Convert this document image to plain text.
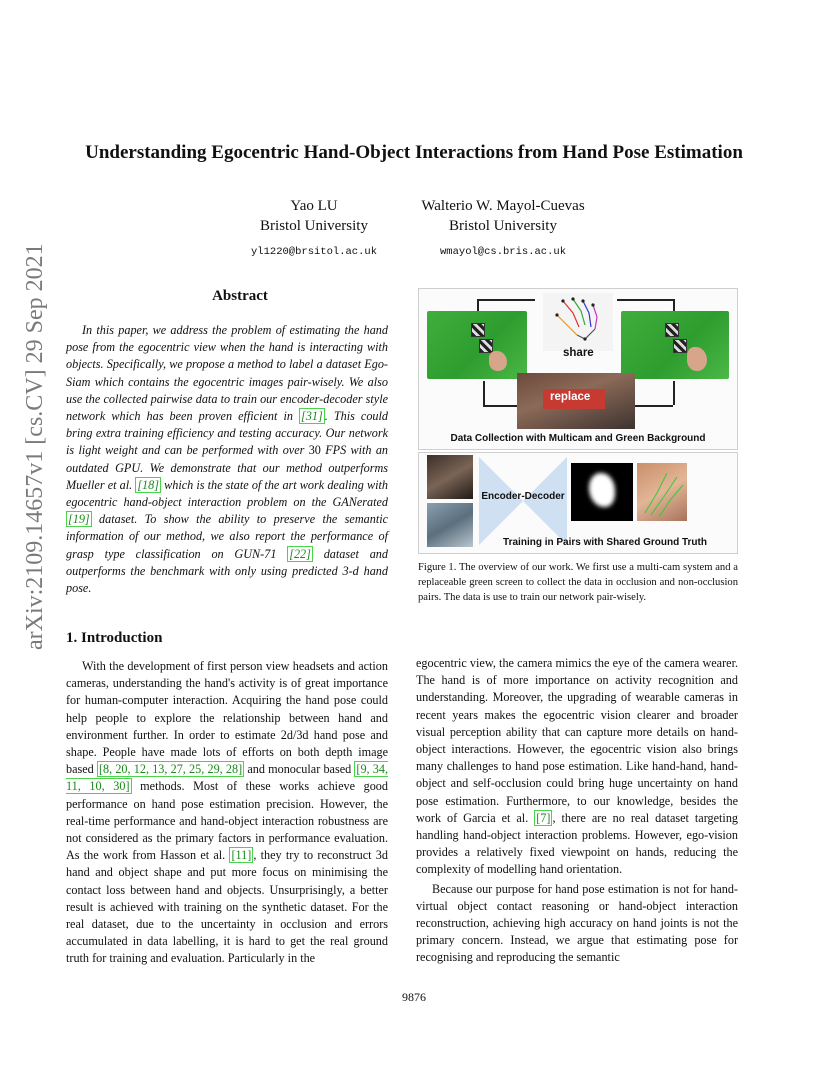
arXiv:2109.14657v1 [cs.CV] 29 Sep 2021
Understanding Egocentric Hand-Object Interactions from Hand Pose Estimation
Yao LU
Bristol University
yl1220@brsitol.ac.uk
Walterio W. Mayol-Cuevas
Bristol University
wmayol@cs.bris.ac.uk
Abstract

In this paper, we address the problem of estimating the hand pose from the egocentric view when the hand is interacting with objects. Specifically, we propose a method to label a dataset Ego-Siam which contains the egocentric images pair-wisely. We also use the collected pairwise data to train our encoder-decoder style network which has been proven efficient in [31] . This could bring extra training efficiency and testing accuracy. Our network is light weight and can be performed with over 30 FPS with an outdated GPU. We demonstrate that our method outperforms Mueller et al. [18] which is the state of the art work dealing with egocentric hand-object interaction problem on the GANerated [19] dataset. To show the ability to preserve the semantic information of our method, we also report the performance of grasp type classification on GUN-71 [22] dataset and outperforms the benchmark with only using predicted 3-d hand pose.

share
replace
Data Collection with Multicam and Green Background
Encoder-Decoder
Training in Pairs with Shared Ground Truth
Figure 1. The overview of our work. We first use a multi-cam system and a replaceable green screen to collect the data in occlusion and non-occlusion pairs. The data is use to train our network pair-wisely.
1. Introduction

With the development of first person view headsets and action cameras, understanding the hand's activity is of great importance for human-computer interaction. Acquiring the hand pose could help people to explore the relationship between hand and environment further. In order to estimate 2d/3d hand pose and shape. People have made lots of efforts on both depth image based [8, 20, 12, 13, 27, 25, 29, 28] and monocular based [9, 34, 11, 10, 30] methods. Most of these works achieve good performance on hand pose estimation precision. However, the real-time performance and hand-object interaction robustness are not considered as the primary factors in performance evaluation. As the work from Hasson et al. [11] , they try to reconstruct 3d hand and object shape and put more focus on minimising the contact loss between hand and objects. Unsurprisingly, a better result is achieved with training on the synthetic dataset. For the real dataset, due to the uncertainty in occlusion and errors accumulated in data labelling, it is hard to get the real ground truth for training and evaluation. Particularly in the

egocentric view, the camera mimics the eye of the camera wearer. The hand is of more importance on activity recognition and understanding. Moreover, the upgrading of wearable cameras in recent years makes the egocentric vision clearer and broader visual perception ability that can capture more details on hand-object interactions. However, the egocentric vision also brings many challenges to hand pose estimation. Like hand-hand, hand-object and self-occlusion could bring huge uncertainty on hand pose estimation. Furthermore, to our knowledge, besides the work of Garcia et al. [7] , there are no real dataset targeting handling hand-object interaction problems. However, ego-vision provides a relatively fixed viewpoint on hands, reducing the complexity of modelling hand orientation.

Because our purpose for hand pose estimation is not for hand-virtual object contact reasoning or hand-object interaction reconstruction, achieving high accuracy on hand joints is not the primary concern. Instead, we argue that estimating pose for recognising and reproducing the semantic

9876
